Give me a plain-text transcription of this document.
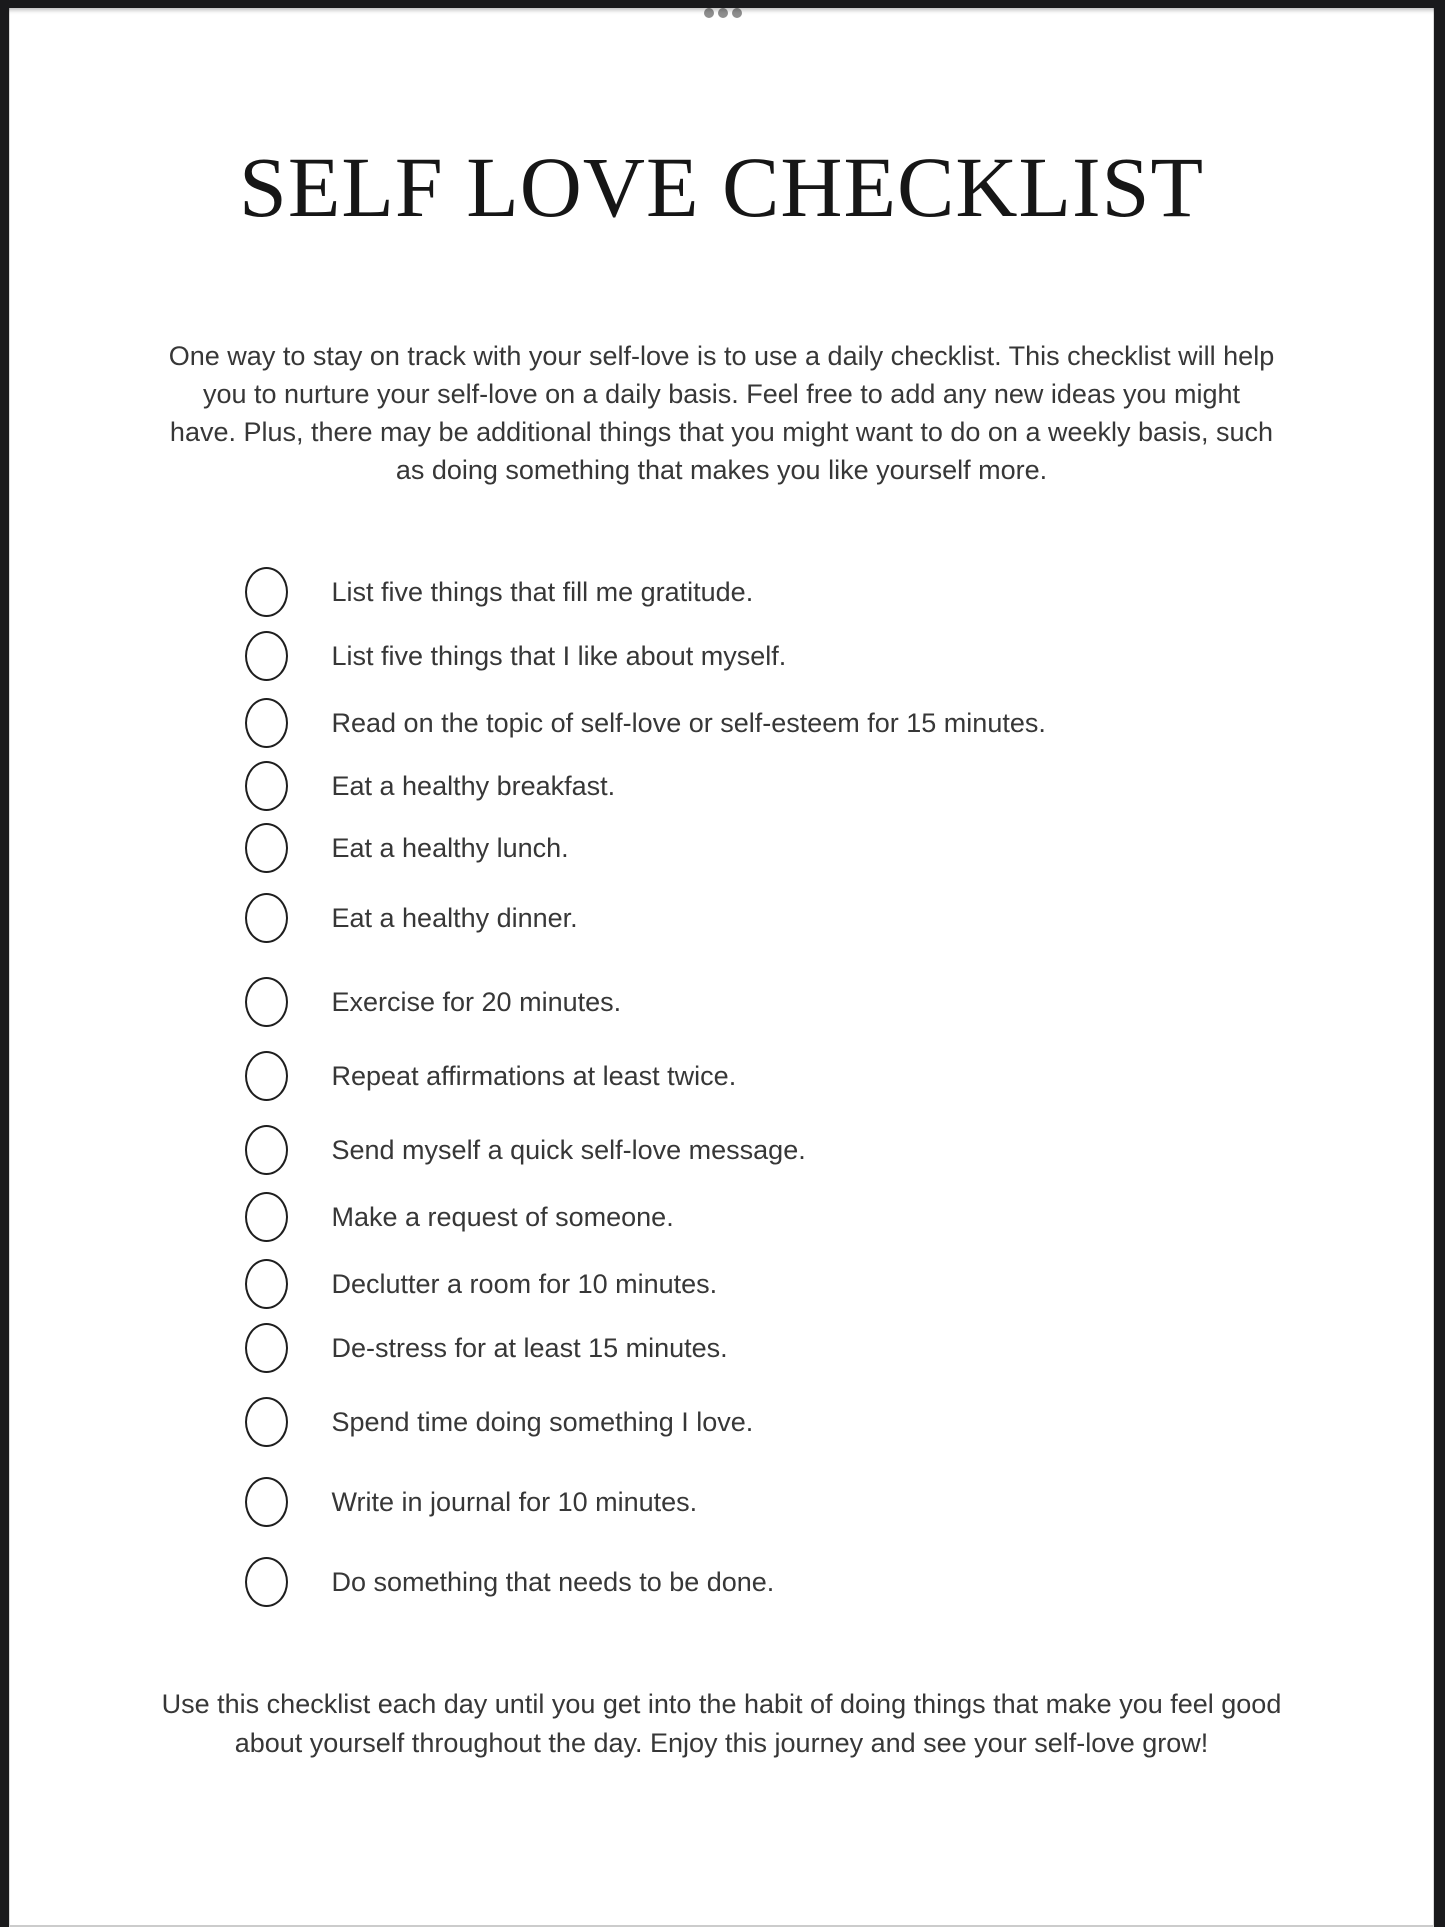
SELF LOVE CHECKLIST

One way to stay on track with your self-love is to use a daily checklist. This checklist will help you to nurture your self-love on a daily basis. Feel free to add any new ideas you might have. Plus, there may be additional things that you might want to do on a weekly basis, such as doing something that makes you like yourself more.

List five things that fill me gratitude.
List five things that I like about myself.
Read on the topic of self-love or self-esteem for 15 minutes.
Eat a healthy breakfast.
Eat a healthy lunch.
Eat a healthy dinner.
Exercise for 20 minutes.
Repeat affirmations at least twice.
Send myself a quick self-love message.
Make a request of someone.
Declutter a room for 10 minutes.
De-stress for at least 15 minutes.
Spend time doing something I love.
Write in journal for 10 minutes.
Do something that needs to be done.

Use this checklist each day until you get into the habit of doing things that make you feel good about yourself throughout the day. Enjoy this journey and see your self-love grow!
